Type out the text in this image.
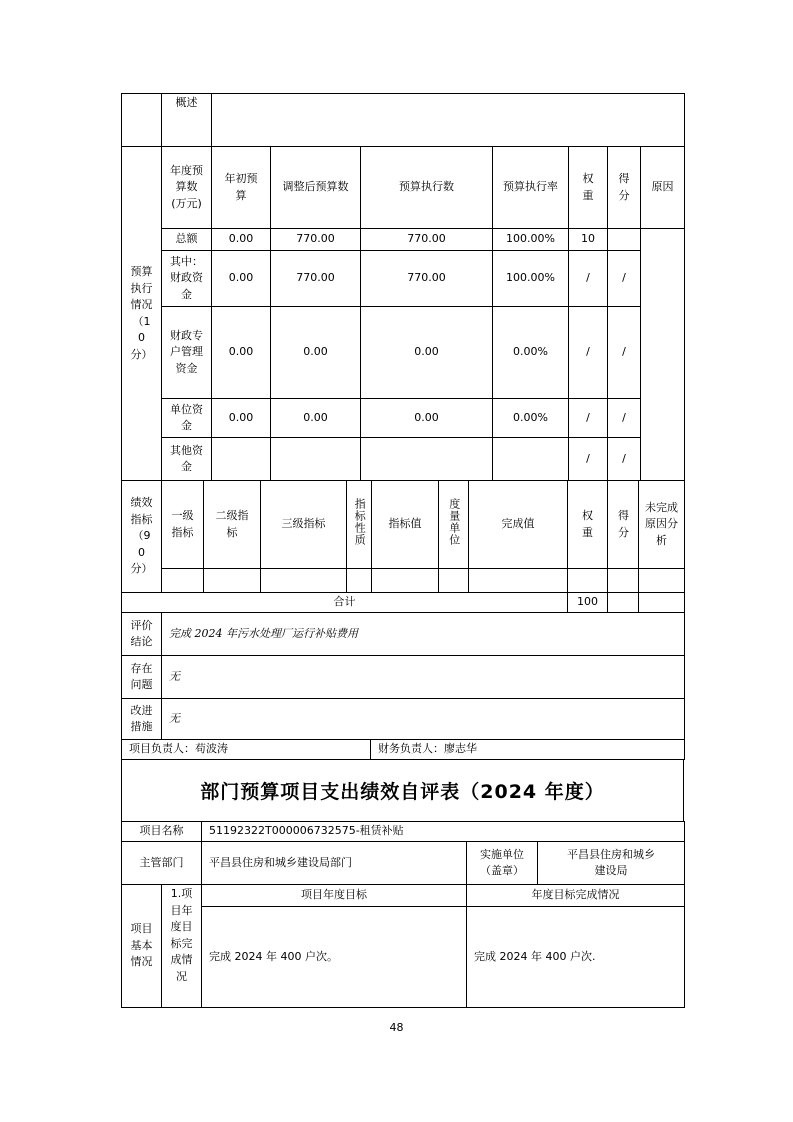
	概述							
预算执行情况（10分）	年度预算数(万元)	年初预算	调整后预算数	预算执行数	预算执行率	权重	得分	原因
	总额	0.00	770.00	770.00	100.00%	10		
	其中：财政资金	0.00	770.00	770.00	100.00%	/	/	
	财政专户管理资金	0.00	0.00	0.00	0.00%	/	/	
	单位资金	0.00	0.00	0.00	0.00%	/	/	
	其他资金					/	/	
绩效指标（90分）	一级指标	二级指标	三级指标	指标性质	指标值	度量单位	完成值	权重	得分	未完成原因分析

合计								100		
评价结论	完成 2024 年污水处理厂运行补贴费用	
存在问题	无	
改进措施	无	
项目负责人：苟波涛		财务负责人：廖志华
部门预算项目支出绩效自评表（2024 年度）
项目名称		51192322T000006732575-租赁补贴		
主管部门		平昌县住房和城乡建设局部门	实施单位（盖章）	平昌县住房和城乡建设局
项目基本情况	1.项目年度目标完成情况	项目年度目标	年度目标完成情况	
		完成 2024 年 400 户次。	完成 2024 年 400 户次.	
48
